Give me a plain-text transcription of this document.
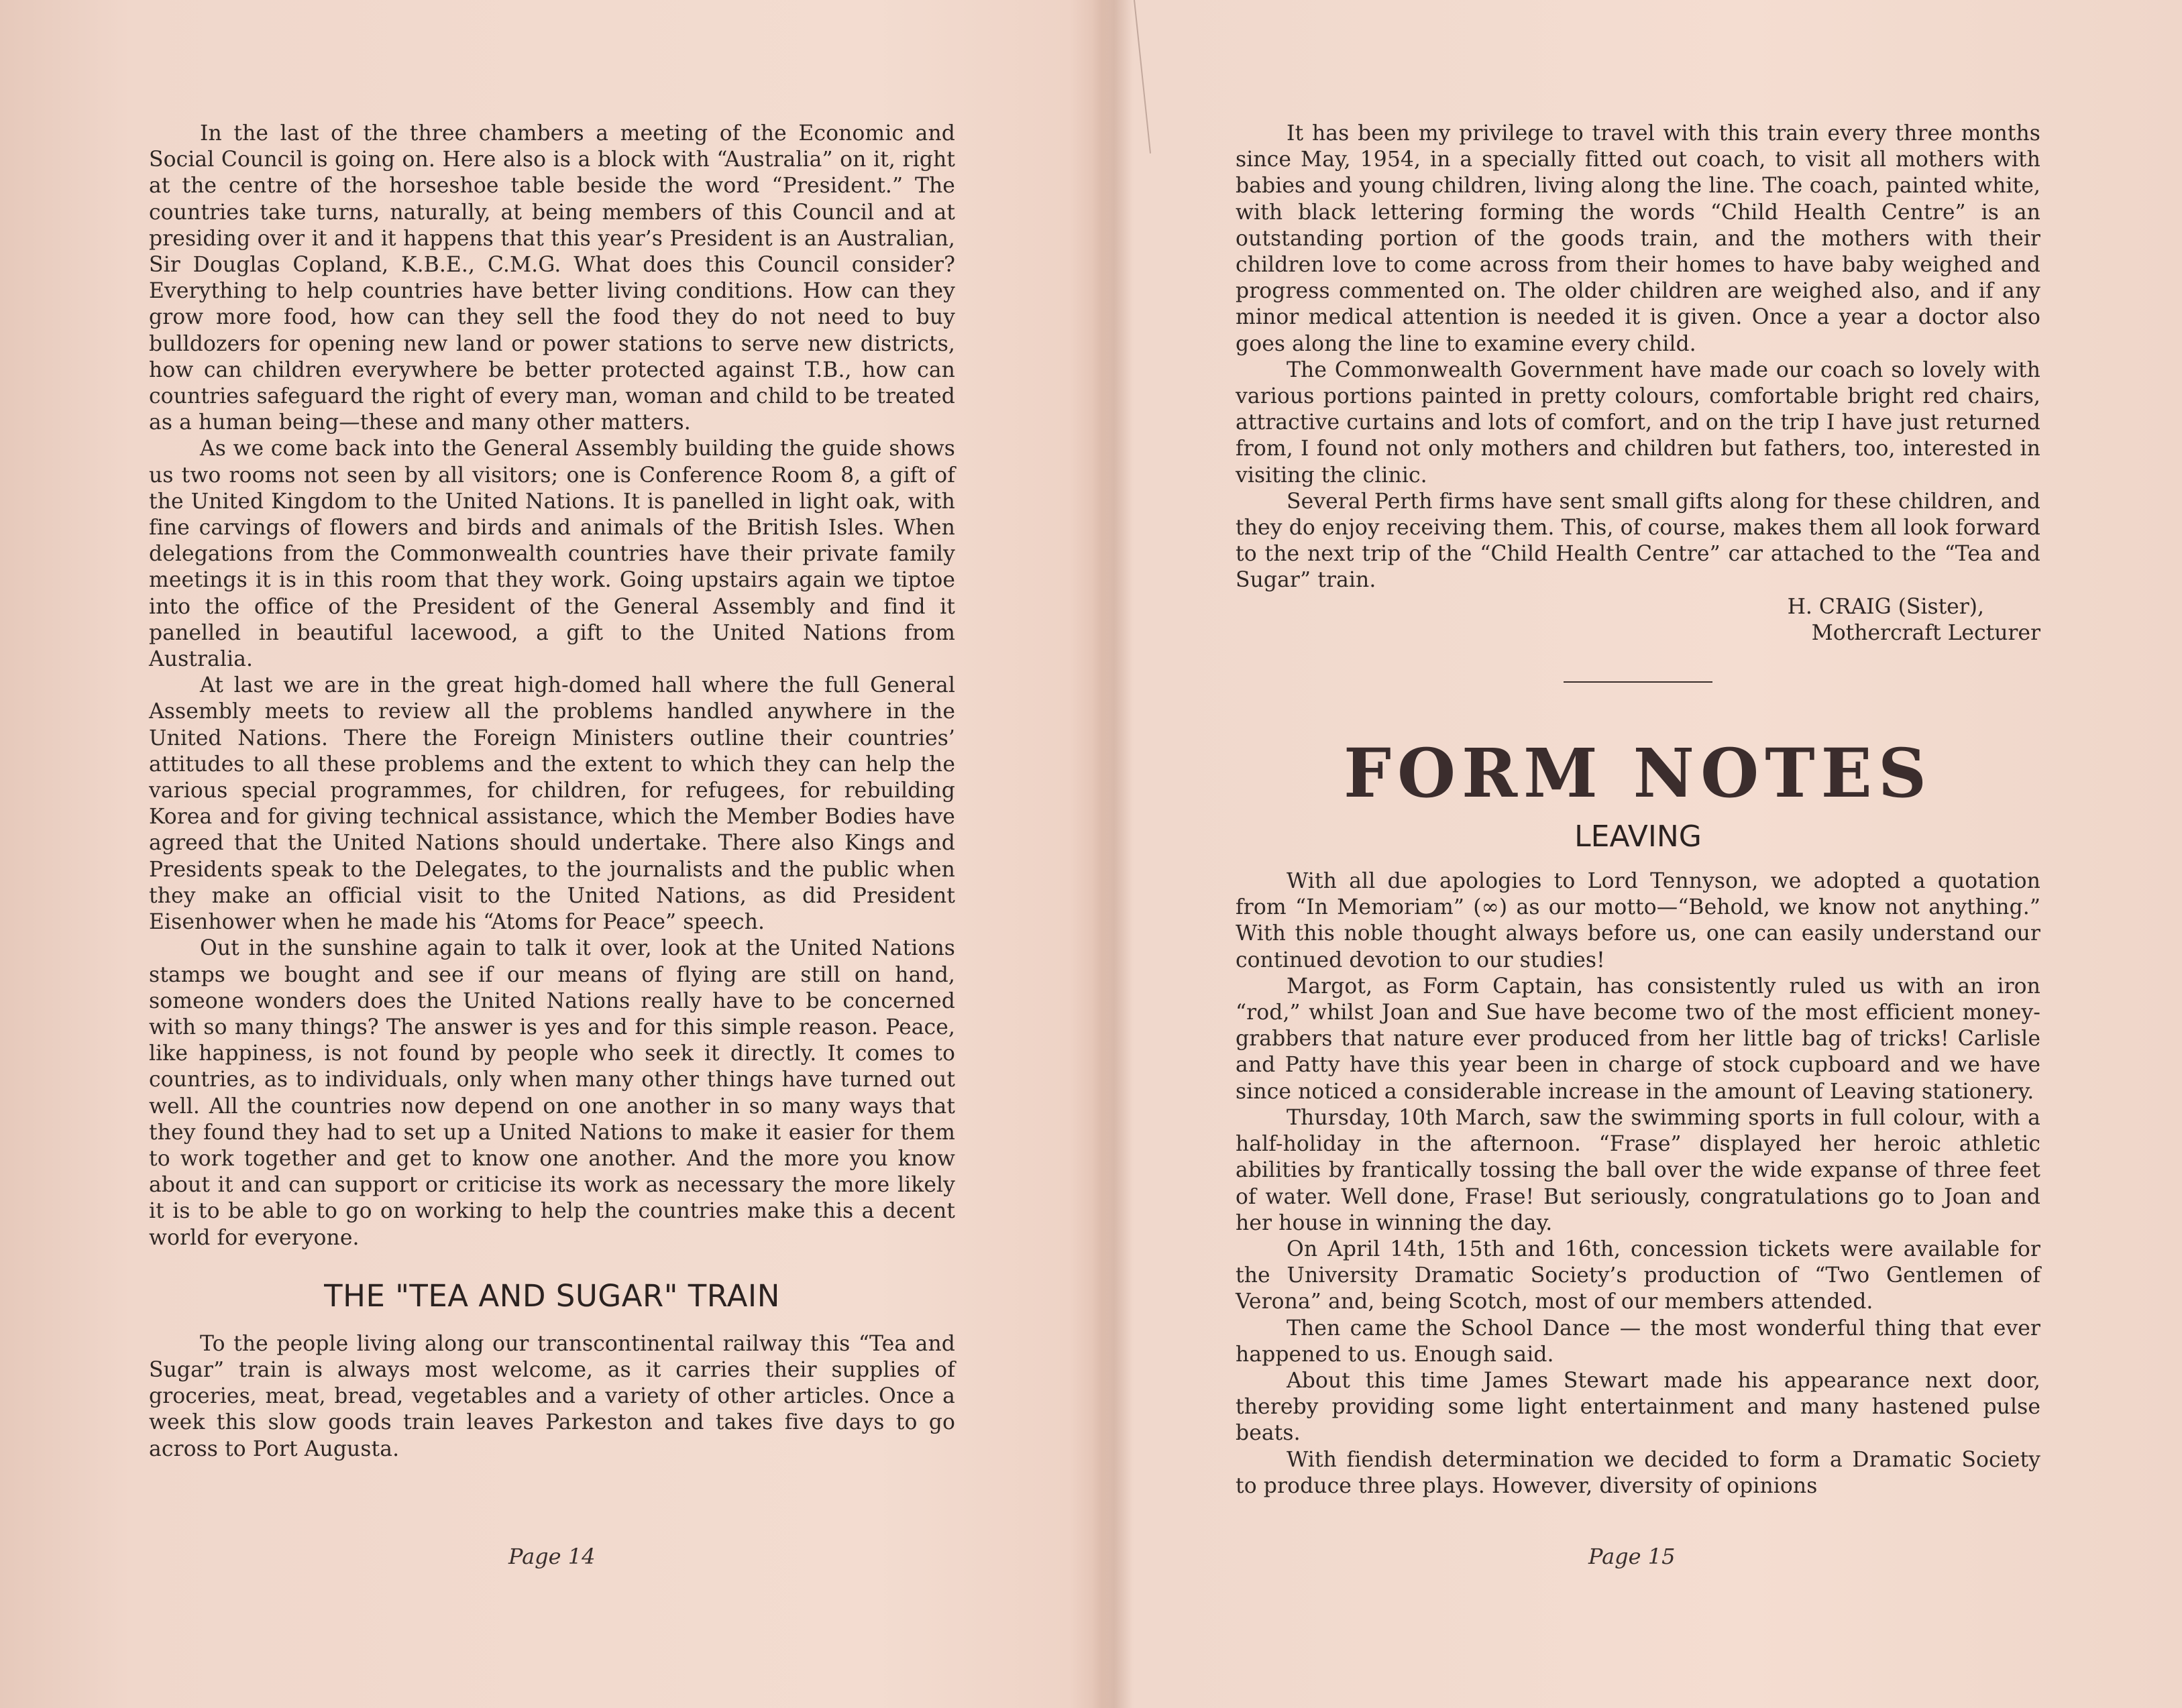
In the last of the three chambers a meeting of the Economic and Social Council is going on. Here also is a block with “Australia” on it, right at the centre of the horseshoe table beside the word “President.” The countries take turns, naturally, at being members of this Council and at presiding over it and it happens that this year’s President is an Australian, Sir Douglas Copland, K.B.E., C.M.G. What does this Council consider? Everything to help countries have better living conditions. How can they grow more food, how can they sell the food they do not need to buy bulldozers for opening new land or power stations to serve new districts, how can children everywhere be better protected against T.B., how can countries safeguard the right of every man, woman and child to be treated as a human being—these and many other matters.

As we come back into the General Assembly building the guide shows us two rooms not seen by all visitors; one is Conference Room 8, a gift of the United Kingdom to the United Nations. It is panelled in light oak, with fine carvings of flowers and birds and animals of the British Isles. When delegations from the Commonwealth countries have their private family meetings it is in this room that they work. Going upstairs again we tiptoe into the office of the President of the General Assembly and find it panelled in beautiful lacewood, a gift to the United Nations from Australia.

At last we are in the great high-domed hall where the full General Assembly meets to review all the problems handled anywhere in the United Nations. There the Foreign Ministers outline their countries’ attitudes to all these problems and the extent to which they can help the various special programmes, for children, for refugees, for rebuilding Korea and for giving technical assistance, which the Member Bodies have agreed that the United Nations should undertake. There also Kings and Presidents speak to the Delegates, to the journalists and the public when they make an official visit to the United Nations, as did President Eisenhower when he made his “Atoms for Peace” speech.

Out in the sunshine again to talk it over, look at the United Nations stamps we bought and see if our means of flying are still on hand, someone wonders does the United Nations really have to be concerned with so many things? The answer is yes and for this simple reason. Peace, like happiness, is not found by people who seek it directly. It comes to countries, as to individuals, only when many other things have turned out well. All the countries now depend on one another in so many ways that they found they had to set up a United Nations to make it easier for them to work together and get to know one another. And the more you know about it and can support or criticise its work as necessary the more likely it is to be able to go on working to help the countries make this a decent world for everyone.

THE "TEA AND SUGAR" TRAIN

To the people living along our transcontinental railway this “Tea and Sugar” train is always most welcome, as it carries their supplies of groceries, meat, bread, vegetables and a variety of other articles. Once a week this slow goods train leaves Parkeston and takes five days to go across to Port Augusta.

Page 14

It has been my privilege to travel with this train every three months since May, 1954, in a specially fitted out coach, to visit all mothers with babies and young children, living along the line. The coach, painted white, with black lettering forming the words “Child Health Centre” is an outstanding portion of the goods train, and the mothers with their children love to come across from their homes to have baby weighed and progress commented on. The older children are weighed also, and if any minor medical attention is needed it is given. Once a year a doctor also goes along the line to examine every child.

The Commonwealth Government have made our coach so lovely with various portions painted in pretty colours, comfortable bright red chairs, attractive curtains and lots of comfort, and on the trip I have just returned from, I found not only mothers and children but fathers, too, interested in visiting the clinic.

Several Perth firms have sent small gifts along for these children, and they do enjoy receiving them. This, of course, makes them all look forward to the next trip of the “Child Health Centre” car attached to the “Tea and Sugar” train.

H. CRAIG (Sister),

Mothercraft Lecturer

FORM NOTES
LEAVING

With all due apologies to Lord Tennyson, we adopted a quotation from “In Memoriam” (∞) as our motto—“Behold, we know not anything.” With this noble thought always before us, one can easily understand our continued devotion to our studies!

Margot, as Form Captain, has consistently ruled us with an iron “rod,” whilst Joan and Sue have become two of the most efficient money-grabbers that nature ever produced from her little bag of tricks! Carlisle and Patty have this year been in charge of stock cupboard and we have since noticed a considerable increase in the amount of Leaving stationery.

Thursday, 10th March, saw the swimming sports in full colour, with a half-holiday in the afternoon. “Frase” displayed her heroic athletic abilities by frantically tossing the ball over the wide expanse of three feet of water. Well done, Frase! But seriously, congratulations go to Joan and her house in winning the day.

On April 14th, 15th and 16th, concession tickets were available for the University Dramatic Society’s production of “Two Gentlemen of Verona” and, being Scotch, most of our members attended.

Then came the School Dance — the most wonderful thing that ever happened to us. Enough said.

About this time James Stewart made his appearance next door, thereby providing some light entertainment and many hastened pulse beats.

With fiendish determination we decided to form a Dramatic Society to produce three plays. However, diversity of opinions

Page 15
